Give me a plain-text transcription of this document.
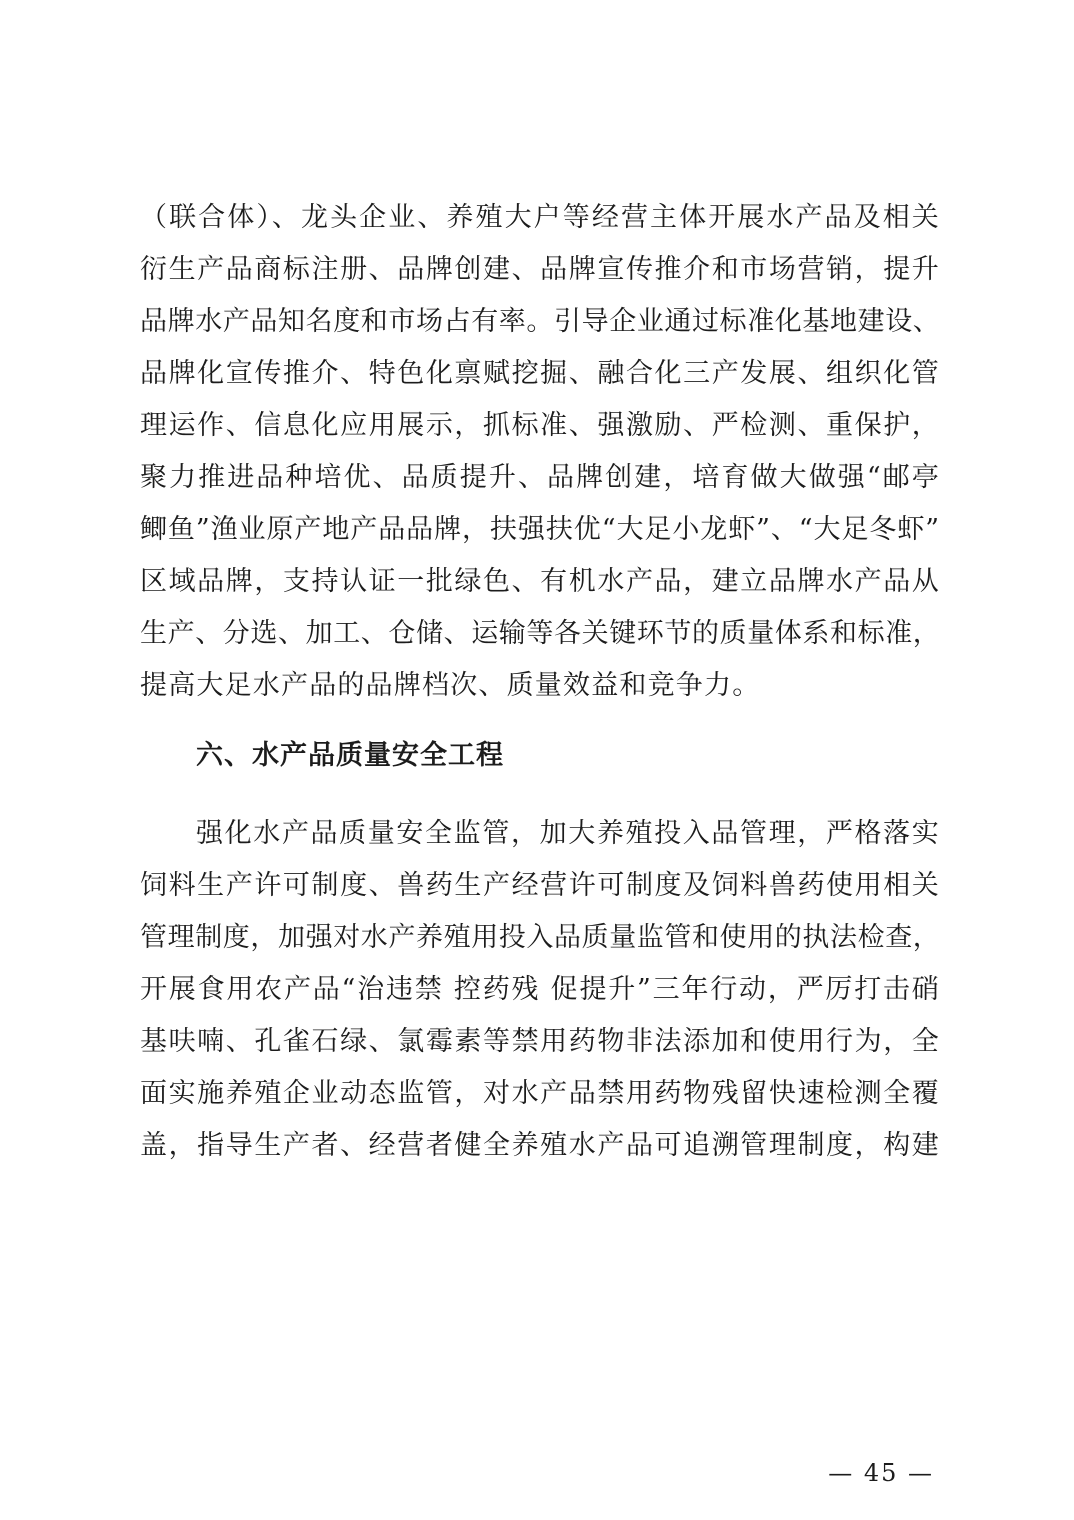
（联合体）、龙头企业、养殖大户等经营主体开展水产品及相关
衍生产品商标注册、品牌创建、品牌宣传推介和市场营销，提升
品牌水产品知名度和市场占有率。引导企业通过标准化基地建设、
品牌化宣传推介、特色化禀赋挖掘、融合化三产发展、组织化管
理运作、信息化应用展示，抓标准、强激励、严检测、重保护，
聚力推进品种培优、品质提升、品牌创建，培育做大做强“邮亭
鲫鱼”渔业原产地产品品牌，扶强扶优“大足小龙虾”、“大足冬虾”
区域品牌，支持认证一批绿色、有机水产品，建立品牌水产品从
生产、分选、加工、仓储、运输等各关键环节的质量体系和标准，
提高大足水产品的品牌档次、质量效益和竞争力。
六、水产品质量安全工程
强化水产品质量安全监管，加大养殖投入品管理，严格落实
饲料生产许可制度、兽药生产经营许可制度及饲料兽药使用相关
管理制度，加强对水产养殖用投入品质量监管和使用的执法检查，
开展食用农产品“治违禁 控药残 促提升”三年行动，严厉打击硝
基呋喃、孔雀石绿、氯霉素等禁用药物非法添加和使用行为，全
面实施养殖企业动态监管，对水产品禁用药物残留快速检测全覆
盖，指导生产者、经营者健全养殖水产品可追溯管理制度，构建
— 45 —
